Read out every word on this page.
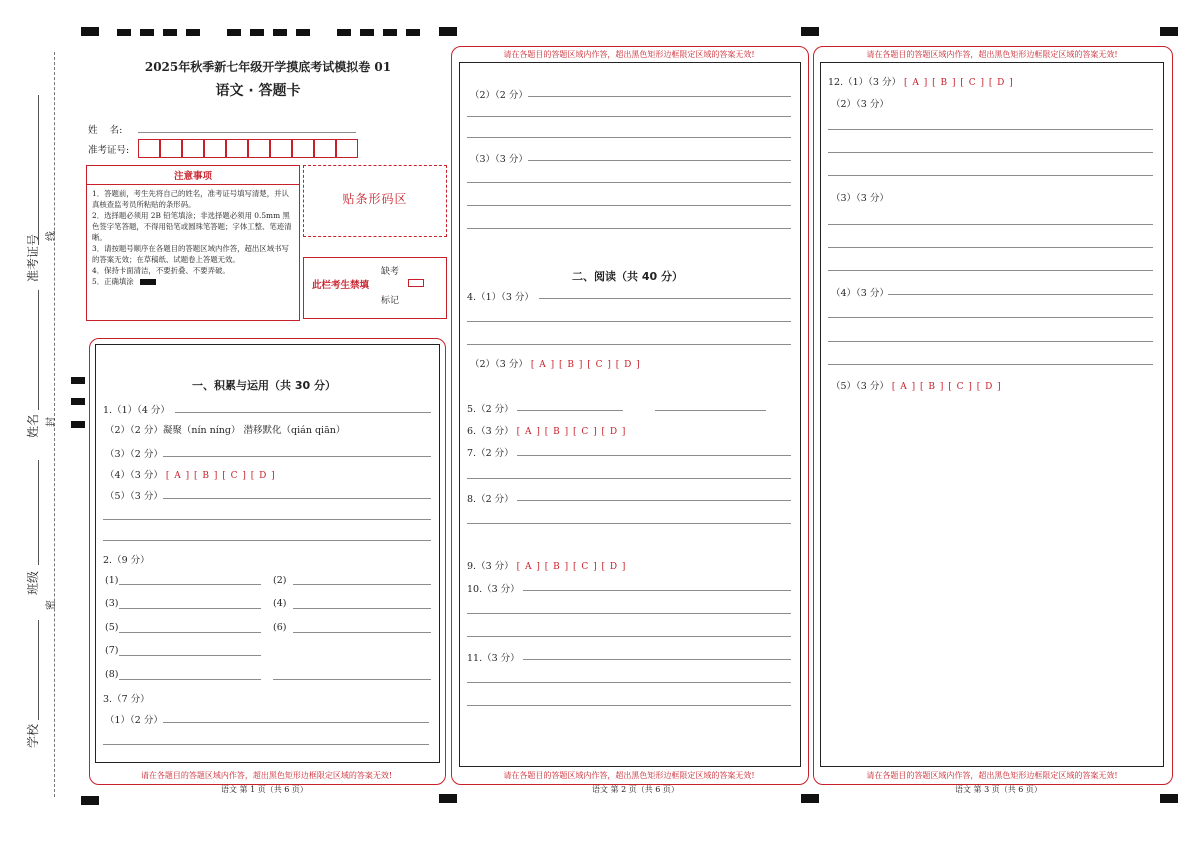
准考证号 线
姓名 封
班级
密
学校
2025年秋季新七年级开学摸底考试模拟卷 01
语文 · 答题卡
姓    名:
准考证号:
注意事项
1．答题前，考生先将自己的姓名，准考证号填写清楚，并认真核查监考员所粘贴的条形码。
2．选择题必须用 2B 铅笔填涂；非选择题必须用 0.5mm 黑色签字笔答题，不得用铅笔或圆珠笔答题；字体工整、笔迹清晰。
3．请按题号顺序在各题目的答题区域内作答，超出区域书写的答案无效；在草稿纸、试题卷上答题无效。
4．保持卡面清洁，不要折叠、不要弄破。
5．正确填涂
贴条形码区
此栏考生禁填
缺考
标记
请在各题目的答题区域内作答，超出黑色矩形边框限定区域的答案无效!
一、积累与运用（共 30 分）
1.（1）（4 分）
（2）（2 分）凝聚（nín níng） 潜移默化（qián qiān）
（3）（2 分）
（4）（3 分） [ A ] [ B ] [ C ] [ D ]
（5）（3 分）
2.（9 分）
(1)	(2)
(3)	(4)
(5)	(6)
(7)
(8)
3.（7 分）
（1）（2 分）
语文 第 1 页（共 6 页）
请在各题目的答题区域内作答，超出黑色矩形边框限定区域的答案无效!
请在各题目的答题区域内作答，超出黑色矩形边框限定区域的答案无效!
（2）（2 分）
（3）（3 分）
二、阅读（共 40 分）
4.（1）（3 分）
（2）（3 分） [ A ] [ B ] [ C ] [ D ]
5.（2 分）
6.（3 分） [ A ] [ B ] [ C ] [ D ]
7.（2 分）
8.（2 分）
9.（3 分） [ A ] [ B ] [ C ] [ D ]
10.（3 分）
11.（3 分）
语文 第 2 页（共 6 页）
请在各题目的答题区域内作答，超出黑色矩形边框限定区域的答案无效!
请在各题目的答题区域内作答，超出黑色矩形边框限定区域的答案无效!
12.（1）（3 分） [ A ] [ B ] [ C ] [ D ]
（2）（3 分）
（3）（3 分）
（4）（3 分）
（5）（3 分） [ A ] [ B ] [ C ] [ D ]
语文 第 3 页（共 6 页）
